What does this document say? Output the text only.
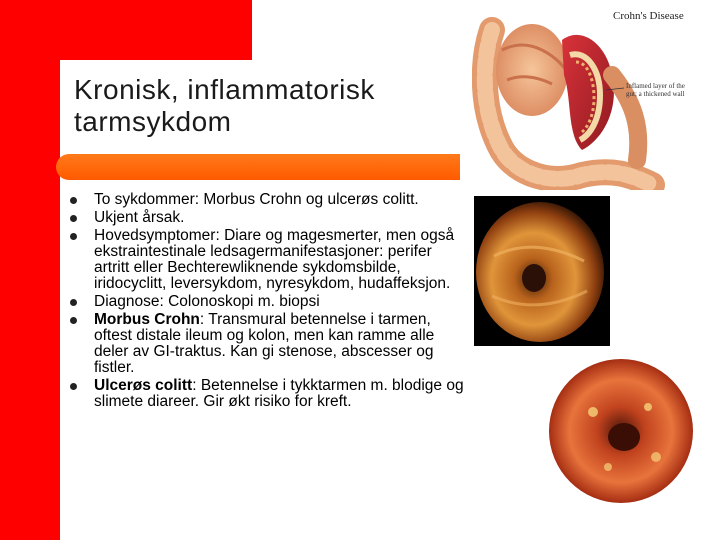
Kronisk, inflammatorisk
tarmsykdom
To sykdommer: Morbus Crohn og ulcerøs colitt.
Ukjent årsak.
Hovedsymptomer: Diare og magesmerter, men også ekstraintestinale ledsagermanifestasjoner: perifer artritt eller Bechterewliknende sykdomsbilde, iridocyclitt, leversykdom, nyresykdom, hudaffeksjon.
Diagnose: Colonoskopi m. biopsi
Morbus Crohn: Transmural betennelse i tarmen, oftest distale ileum og kolon, men kan ramme alle deler av GI-traktus. Kan gi stenose, abscesser og fistler.
Ulcerøs colitt: Betennelse i tykktarmen m. blodige og slimete diareer. Gir økt risiko for kreft.
Crohn's Disease
Inflamed layer of the gut; a thickened wall
